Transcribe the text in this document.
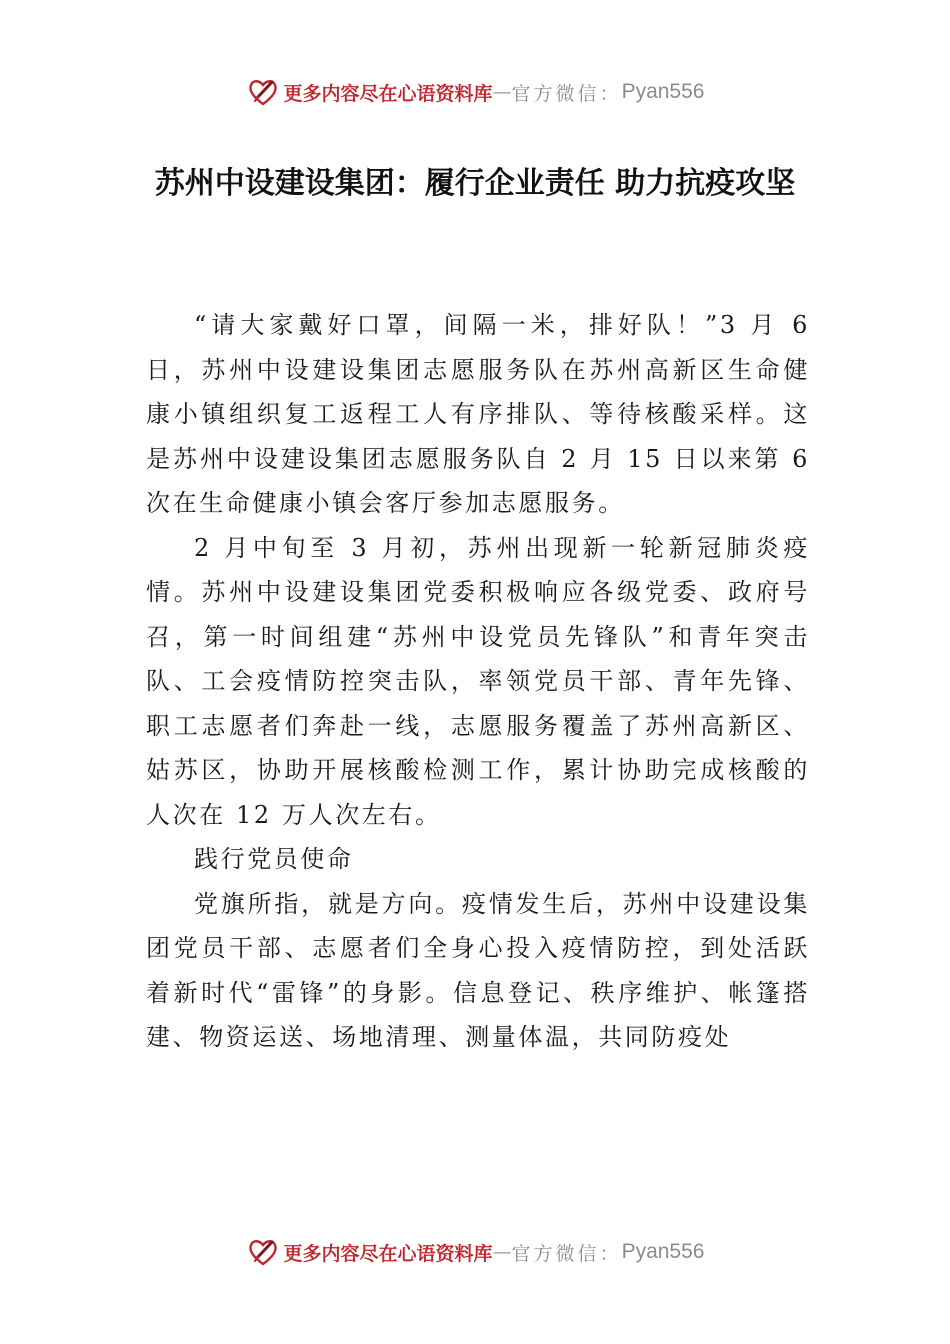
更多内容尽在心语资料库 — 官方微信： Pyan556
苏州中设建设集团：履行企业责任 助力抗疫攻坚

“请大家戴好口罩，间隔一米，排好队！”3 月 6 日，苏州中设建设集团志愿服务队在苏州高新区生命健康小镇组织复工返程工人有序排队、等待核酸采样。这是苏州中设建设集团志愿服务队自 2 月 15 日以来第 6 次在生命健康小镇会客厅参加志愿服务。

2 月中旬至 3 月初，苏州出现新一轮新冠肺炎疫情。苏州中设建设集团党委积极响应各级党委、政府号召，第一时间组建“苏州中设党员先锋队”和青年突击队、工会疫情防控突击队，率领党员干部、青年先锋、职工志愿者们奔赴一线，志愿服务覆盖了苏州高新区、姑苏区，协助开展核酸检测工作，累计协助完成核酸的人次在 12 万人次左右。

践行党员使命

党旗所指，就是方向。疫情发生后，苏州中设建设集团党员干部、志愿者们全身心投入疫情防控，到处活跃着新时代“雷锋”的身影。信息登记、秩序维护、帐篷搭建、物资运送、场地清理、测量体温，共同防疫处

更多内容尽在心语资料库 — 官方微信： Pyan556
